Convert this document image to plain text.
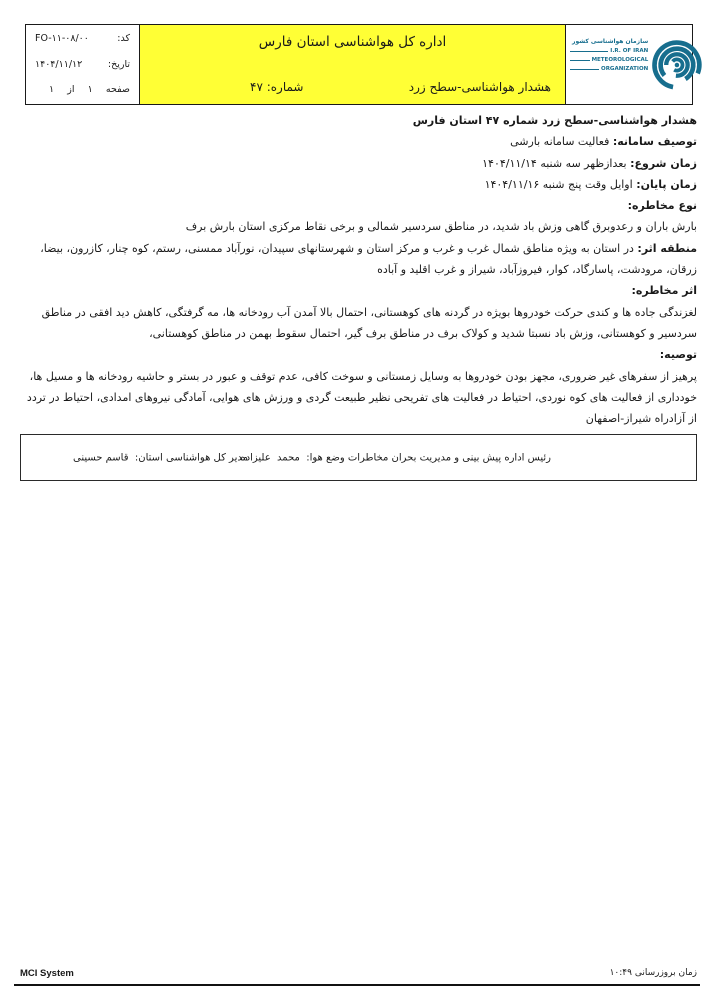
کد:
FO-۱۱-۰۸/۰۰
تاریخ:
۱۴۰۴/۱۱/۱۲
صفحه
۱
از
۱
اداره کل هواشناسی استان فارس
هشدار هواشناسی-سطح زرد
شماره: ۴۷
سازمان هواشناسی کشور
I.R. OF IRAN
METEOROLOGICAL
ORGANIZATION
هشدار هواشناسی-سطح زرد شماره ۴۷ استان فارس
توصیف سامانه: فعالیت سامانه بارشی
زمان شروع: بعدازظهر سه شنبه ۱۴۰۴/۱۱/۱۴
زمان پایان: اوایل وقت پنج شنبه ۱۴۰۴/۱۱/۱۶
نوع مخاطره:
بارش باران و رعدوبرق گاهی وزش باد شدید، در مناطق سردسیر شمالی و برخی نقاط مرکزی استان بارش برف
منطقه اثر: در استان به ویژه مناطق شمال غرب و غرب و مرکز استان و شهرستانهای سپیدان، نورآباد ممسنی، رستم، کوه چنار، کازرون، بیضا، زرقان، مرودشت، پاسارگاد، کوار، فیروزآباد، شیراز و غرب اقلید و آباده
اثر مخاطره:
لغزندگی جاده ها و کندی حرکت خودروها بویژه در گردنه های کوهستانی، احتمال بالا آمدن آب رودخانه ها، مه گرفتگی، کاهش دید افقی در مناطق سردسیر و کوهستانی، وزش باد نسبتا شدید و کولاک برف در مناطق برف گیر، احتمال سقوط بهمن در مناطق کوهستانی،
توصیه:
پرهیز از سفرهای غیر ضروری، مجهز بودن خودروها به وسایل زمستانی و سوخت کافی، عدم توقف و عبور در بستر و حاشیه رودخانه ها و مسیل ها، خودداری از فعالیت های کوه نوردی، احتیاط در فعالیت های تفریحی نظیر طبیعت گردی و ورزش های هوایی، آمادگی نیروهای امدادی، احتیاط در تردد از آزادراه شیراز-اصفهان
رئیس اداره پیش بینی و مدیریت بحران مخاطرات وضع هوا:  محمد  علیزاده
مدیر کل هواشناسی استان:  قاسم حسینی
MCI System	زمان بروزرسانی ۱۰:۴۹
